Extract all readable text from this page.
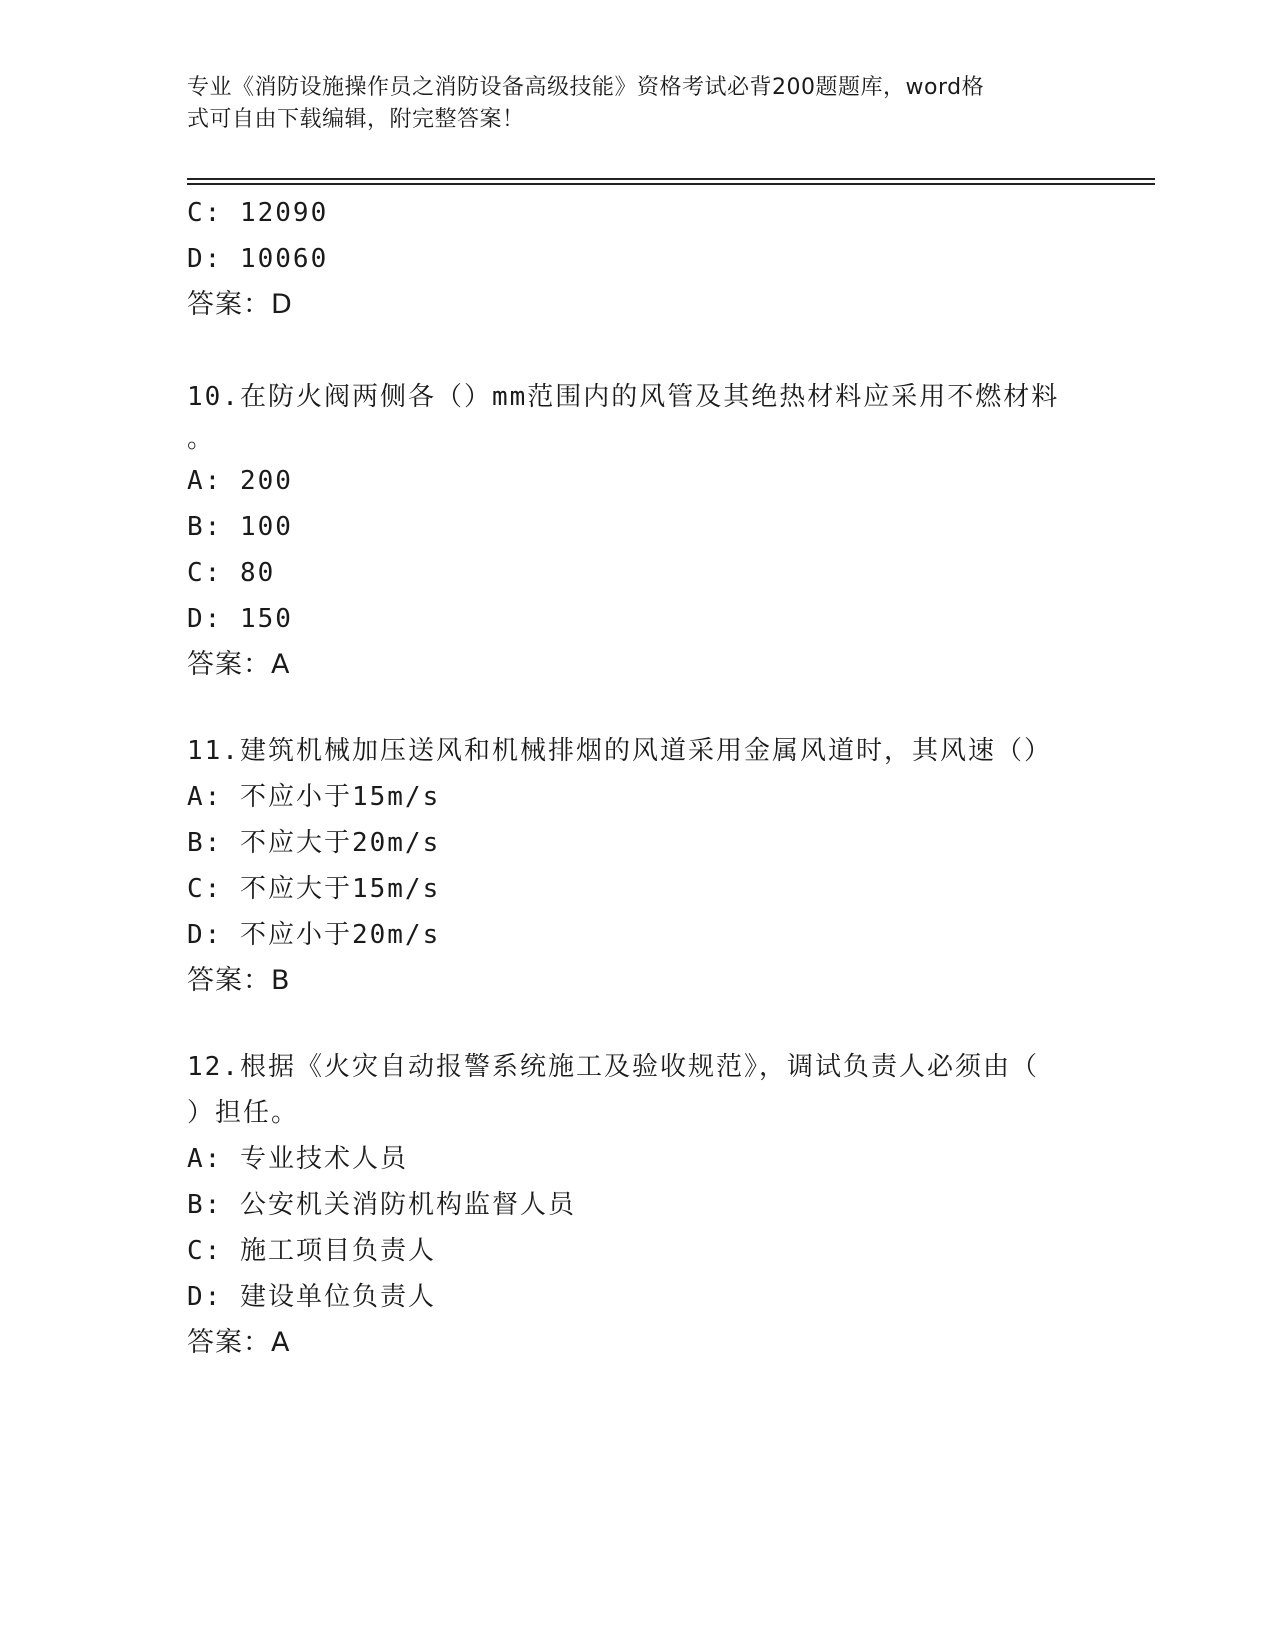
专业《消防设施操作员之消防设备高级技能》资格考试必背200题题库，word格
式可自由下载编辑，附完整答案！
C: 12090
D: 10060
答案：D
10.在防火阀两侧各（）mm范围内的风管及其绝热材料应采用不燃材料
。
A: 200
B: 100
C: 80
D: 150
答案：A
11.建筑机械加压送风和机械排烟的风道采用金属风道时，其风速（）
A: 不应小于15m/s
B: 不应大于20m/s
C: 不应大于15m/s
D: 不应小于20m/s
答案：B
12.根据《火灾自动报警系统施工及验收规范》，调试负责人必须由（
）担任。
A: 专业技术人员
B: 公安机关消防机构监督人员
C: 施工项目负责人
D: 建设单位负责人
答案：A
